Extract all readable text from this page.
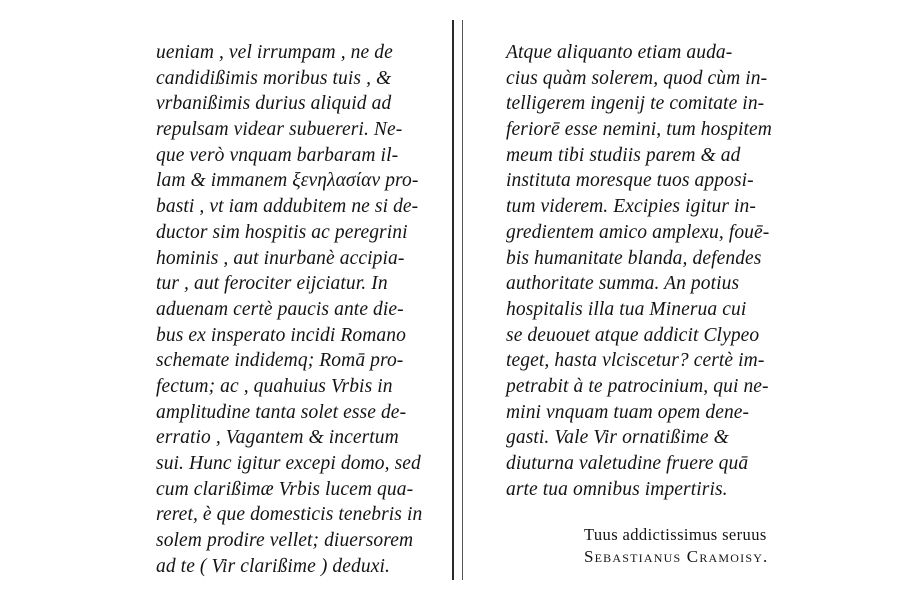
ueniam , vel irrumpam , ne de
candidißimis moribus tuis , &
vrbanißimis durius aliquid ad
repulsam videar subuereri. Ne-
que verò vnquam barbaram il-
lam & immanem ξενηλασίαν pro-
basti , vt iam addubitem ne si de-
ductor sim hospitis ac peregrini
hominis , aut inurbanè accipia-
tur , aut ferociter eijciatur. In
aduenam certè paucis ante die-
bus ex insperato incidi Romano
schemate indidemq; Romā pro-
fectum; ac , quahuius Vrbis in
amplitudine tanta solet esse de-
erratio , Vagantem & incertum
sui. Hunc igitur excepi domo, sed
cum clarißimæ Vrbis lucem qua-
reret, è que domesticis tenebris in
solem prodire vellet; diuersorem
ad te ( Vir clarißime ) deduxi.
Atque aliquanto etiam auda-
cius quàm solerem, quod cùm in-
telligerem ingenij te comitate in-
feriorē esse nemini, tum hospitem
meum tibi studiis parem & ad
instituta moresque tuos apposi-
tum viderem. Excipies igitur in-
gredientem amico amplexu, fouē-
bis humanitate blanda, defendes
authoritate summa. An potius
hospitalis illa tua Minerua cui
se deuouet atque addicit Clypeo
teget, hasta vlciscetur? certè im-
petrabit à te patrocinium, qui ne-
mini vnquam tuam opem dene-
gasti. Vale Vir ornatißime &
diuturna valetudine fruere quā
arte tua omnibus impertiris.
Tuus addictissimus seruus
Sebastianus Cramoisy.
